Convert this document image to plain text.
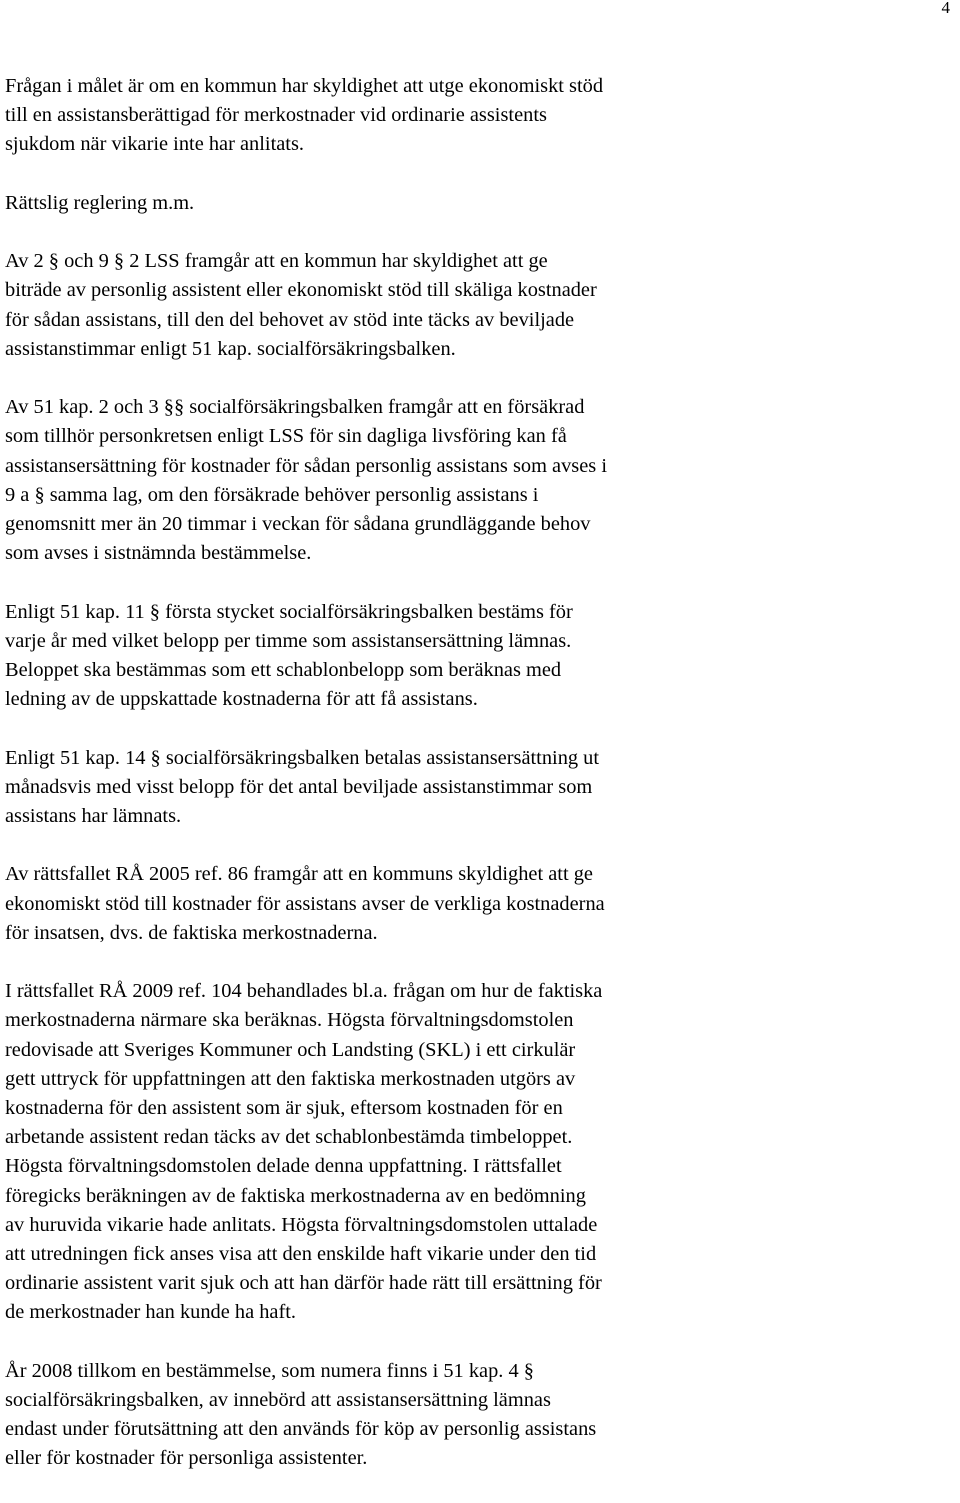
4

Frågan i målet är om en kommun har skyldighet att utge ekonomiskt stöd
till en assistansberättigad för merkostnader vid ordinarie assistents
sjukdom när vikarie inte har anlitats.

Rättslig reglering m.m.

Av 2 § och 9 § 2 LSS framgår att en kommun har skyldighet att ge
biträde av personlig assistent eller ekonomiskt stöd till skäliga kostnader
för sådan assistans, till den del behovet av stöd inte täcks av beviljade
assistanstimmar enligt 51 kap. socialförsäkringsbalken.

Av 51 kap. 2 och 3 §§ socialförsäkringsbalken framgår att en försäkrad
som tillhör personkretsen enligt LSS för sin dagliga livsföring kan få
assistansersättning för kostnader för sådan personlig assistans som avses i
9 a § samma lag, om den försäkrade behöver personlig assistans i
genomsnitt mer än 20 timmar i veckan för sådana grundläggande behov
som avses i sistnämnda bestämmelse.

Enligt 51 kap. 11 § första stycket socialförsäkringsbalken bestäms för
varje år med vilket belopp per timme som assistansersättning lämnas.
Beloppet ska bestämmas som ett schablonbelopp som beräknas med
ledning av de uppskattade kostnaderna för att få assistans.

Enligt 51 kap. 14 § socialförsäkringsbalken betalas assistansersättning ut
månadsvis med visst belopp för det antal beviljade assistanstimmar som
assistans har lämnats.

Av rättsfallet RÅ 2005 ref. 86 framgår att en kommuns skyldighet att ge
ekonomiskt stöd till kostnader för assistans avser de verkliga kostnaderna
för insatsen, dvs. de faktiska merkostnaderna.

I rättsfallet RÅ 2009 ref. 104 behandlades bl.a. frågan om hur de faktiska
merkostnaderna närmare ska beräknas. Högsta förvaltningsdomstolen
redovisade att Sveriges Kommuner och Landsting (SKL) i ett cirkulär
gett uttryck för uppfattningen att den faktiska merkostnaden utgörs av
kostnaderna för den assistent som är sjuk, eftersom kostnaden för en
arbetande assistent redan täcks av det schablonbestämda timbeloppet.
Högsta förvaltningsdomstolen delade denna uppfattning. I rättsfallet
föregicks beräkningen av de faktiska merkostnaderna av en bedömning
av huruvida vikarie hade anlitats. Högsta förvaltningsdomstolen uttalade
att utredningen fick anses visa att den enskilde haft vikarie under den tid
ordinarie assistent varit sjuk och att han därför hade rätt till ersättning för
de merkostnader han kunde ha haft.

År 2008 tillkom en bestämmelse, som numera finns i 51 kap. 4 §
socialförsäkringsbalken, av innebörd att assistansersättning lämnas
endast under förutsättning att den används för köp av personlig assistans
eller för kostnader för personliga assistenter.
